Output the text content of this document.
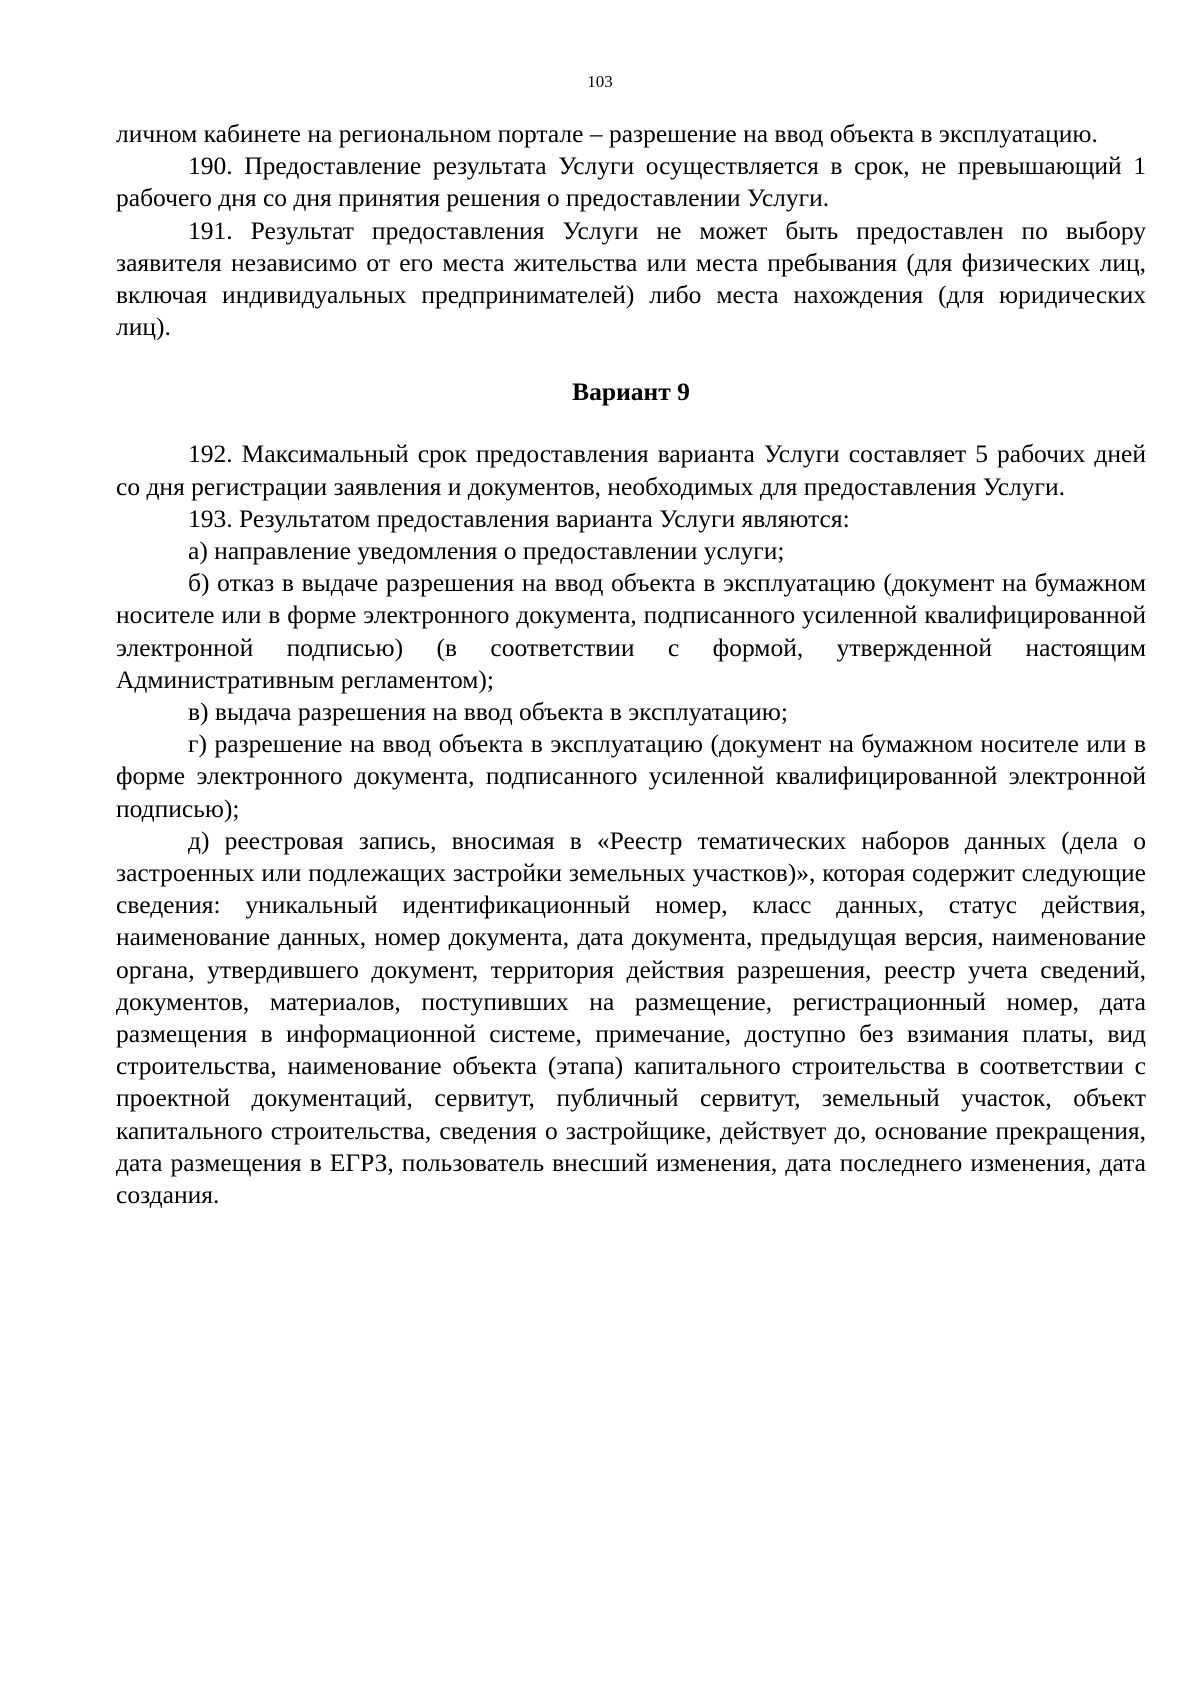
103

личном кабинете на региональном портале – разрешение на ввод объекта в эксплуатацию.

190. Предоставление результата Услуги осуществляется в срок, не превышающий 1 рабочего дня со дня принятия решения о предоставлении Услуги.

191. Результат предоставления Услуги не может быть предоставлен по выбору заявителя независимо от его места жительства или места пребывания (для физических лиц, включая индивидуальных предпринимателей) либо места нахождения (для юридических лиц).

Вариант 9

192. Максимальный срок предоставления варианта Услуги составляет 5 рабочих дней со дня регистрации заявления и документов, необходимых для предоставления Услуги.

193. Результатом предоставления варианта Услуги являются:

а) направление уведомления о предоставлении услуги;

б) отказ в выдаче разрешения на ввод объекта в эксплуатацию (документ на бумажном носителе или в форме электронного документа, подписанного усиленной квалифицированной электронной подписью) (в соответствии с формой, утвержденной настоящим Административным регламентом);

в) выдача разрешения на ввод объекта в эксплуатацию;

г) разрешение на ввод объекта в эксплуатацию (документ на бумажном носителе или в форме электронного документа, подписанного усиленной квалифицированной электронной подписью);

д) реестровая запись, вносимая в «Реестр тематических наборов данных (дела о застроенных или подлежащих застройки земельных участков)», которая содержит следующие сведения: уникальный идентификационный номер, класс данных, статус действия, наименование данных, номер документа, дата документа, предыдущая версия, наименование органа, утвердившего документ, территория действия разрешения, реестр учета сведений, документов, материалов, поступивших на размещение, регистрационный номер, дата размещения в информационной системе, примечание, доступно без взимания платы, вид строительства, наименование объекта (этапа) капитального строительства в соответствии с проектной документаций, сервитут, публичный сервитут, земельный участок, объект капитального строительства, сведения о застройщике, действует до, основание прекращения, дата размещения в ЕГРЗ, пользователь внесший изменения, дата последнего изменения, дата создания.
